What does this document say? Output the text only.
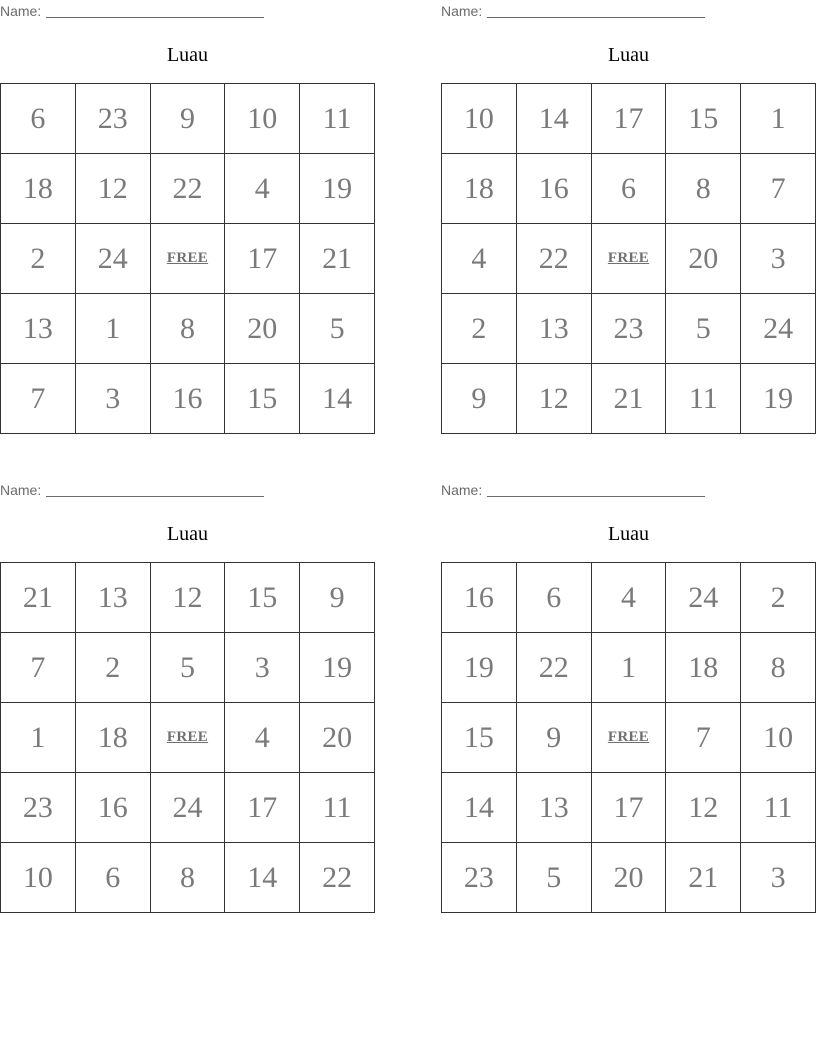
Name:
Luau
6	23	9	10	11
18	12	22	4	19
2	24	FREE	17	21
13	1	8	20	5
7	3	16	15	14
Name:
Luau
10	14	17	15	1
18	16	6	8	7
4	22	FREE	20	3
2	13	23	5	24
9	12	21	11	19
Name:
Luau
21	13	12	15	9
7	2	5	3	19
1	18	FREE	4	20
23	16	24	17	11
10	6	8	14	22
Name:
Luau
16	6	4	24	2
19	22	1	18	8
15	9	FREE	7	10
14	13	17	12	11
23	5	20	21	3
